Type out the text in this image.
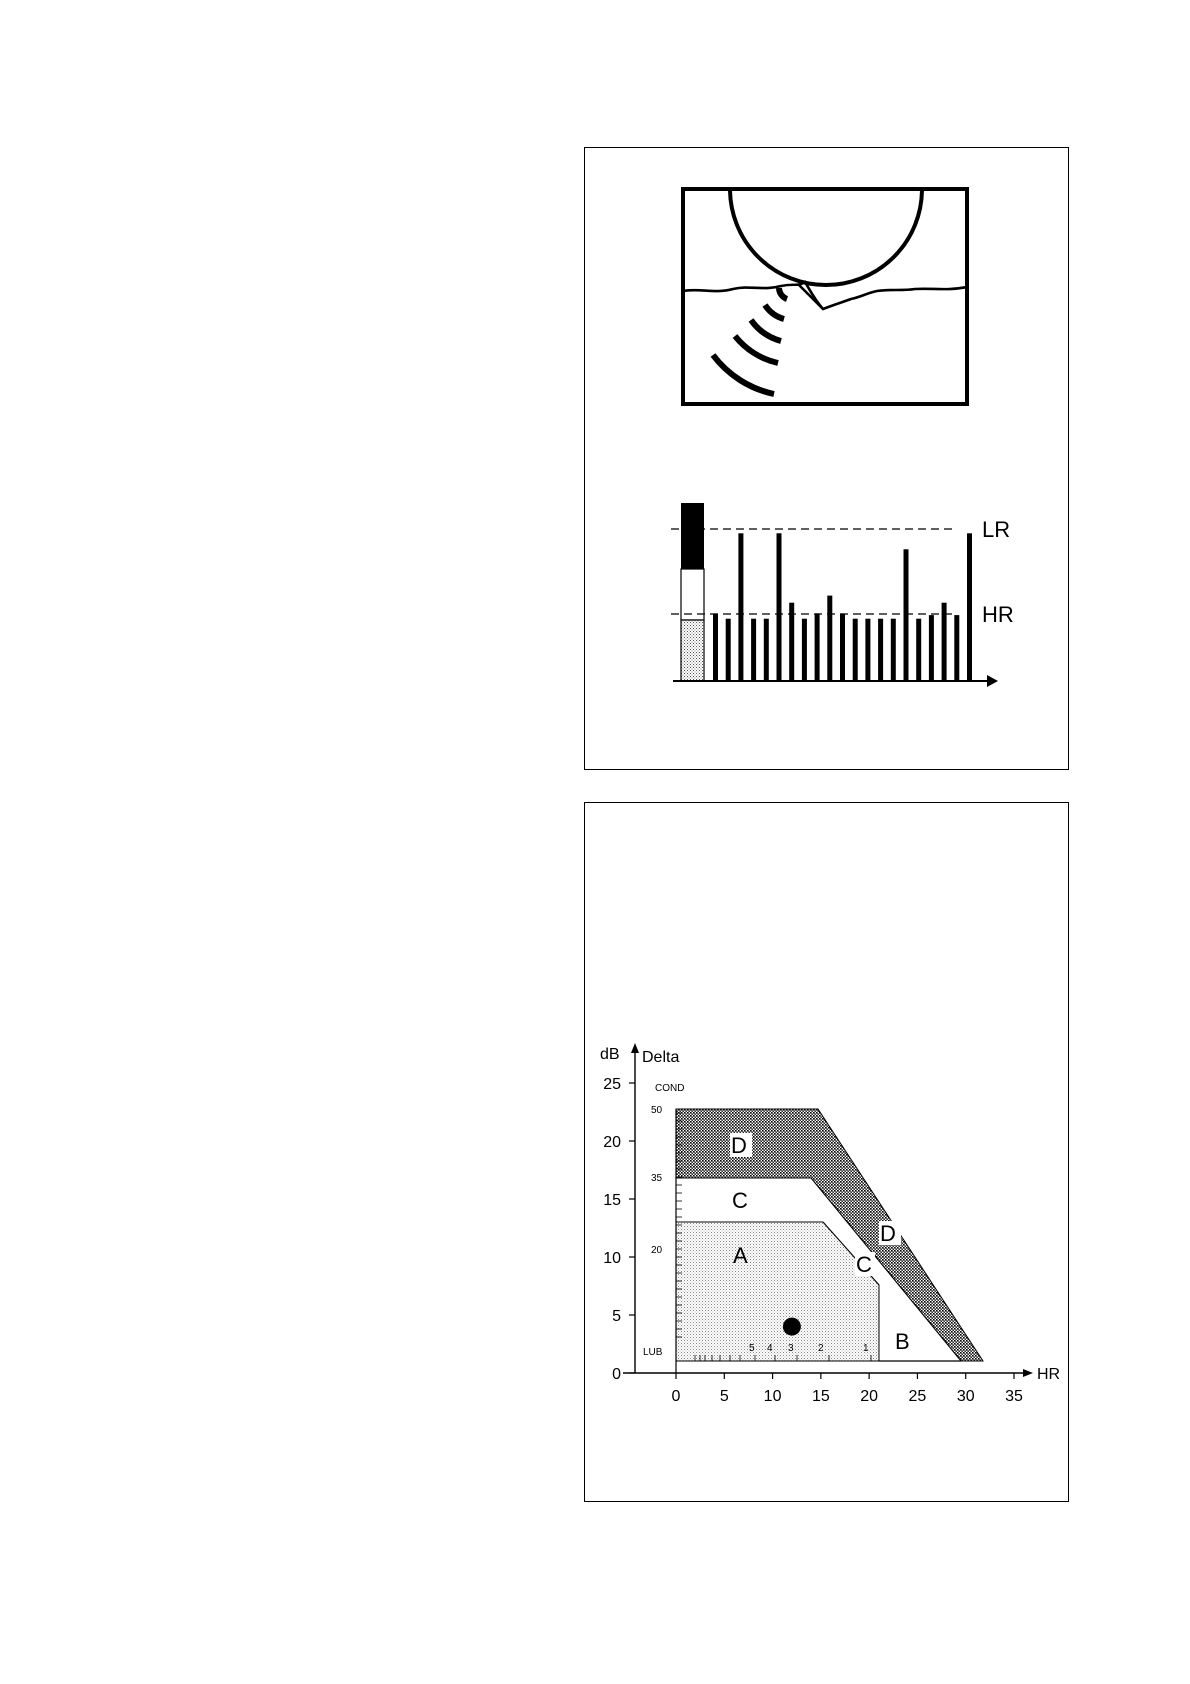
LR
HR
D
C
A	C
D
B
dB Delta
HR
0
5
10
15
20
25
0 5 10 15 20 25 30 35
COND
50
35
20
LUB	5 4 3 2	1
